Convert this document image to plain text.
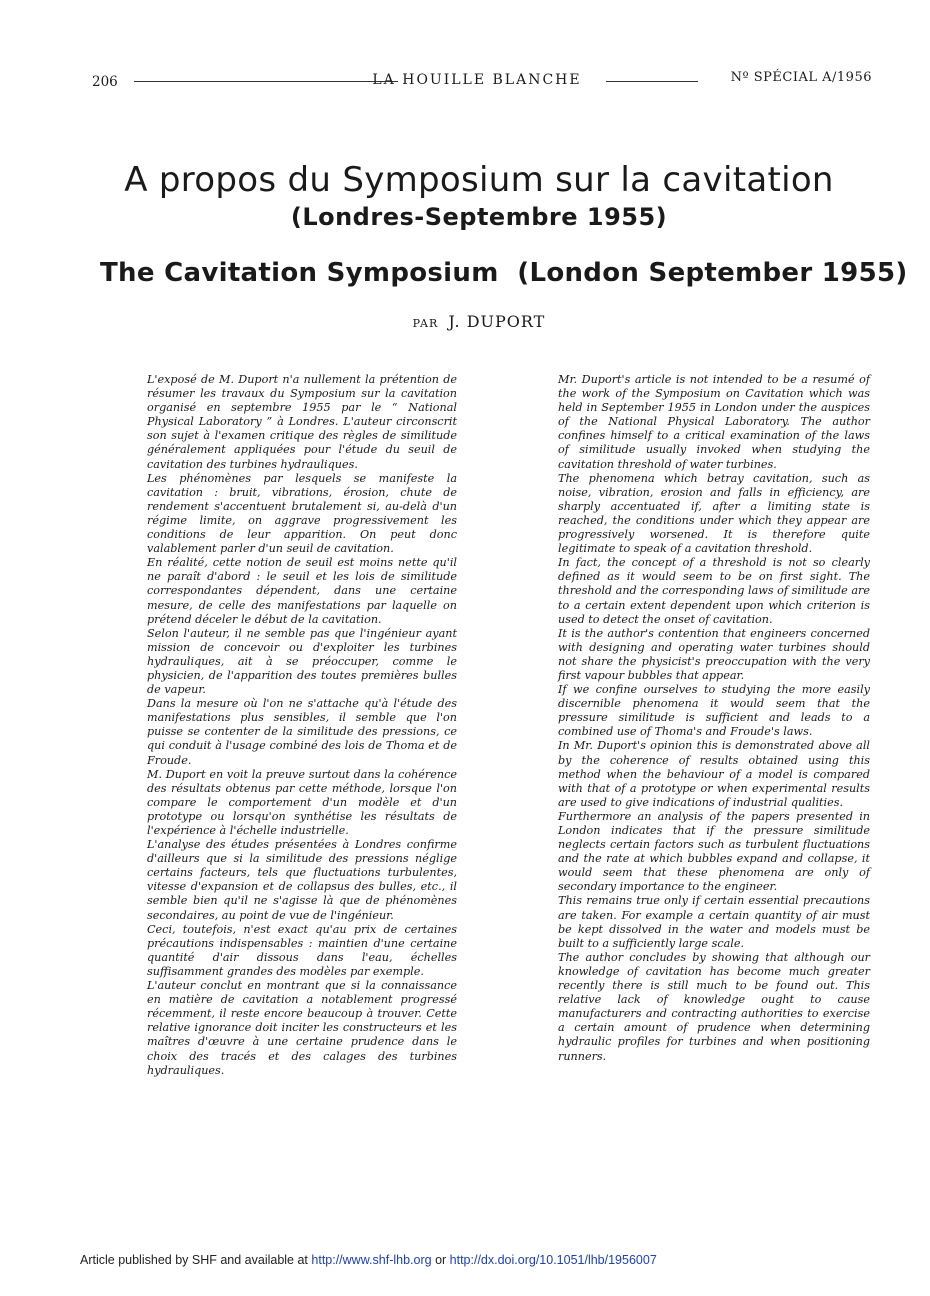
206	LA HOUILLE BLANCHE	Nº SPÉCIAL A/1956
A propos du Symposium sur la cavitation
(Londres-Septembre 1955)
The Cavitation Symposium  (London September 1955)

PAR J. DUPORT

L'exposé de M. Duport n'a nullement la prétention de résumer les travaux du Symposium sur la cavitation organisé en septembre 1955 par le “ National Physical Laboratory ” à Londres. L'auteur circonscrit son sujet à l'examen critique des règles de similitude généralement appliquées pour l'étude du seuil de cavitation des turbines hydrauliques.

Les phénomènes par lesquels se manifeste la cavitation : bruit, vibrations, érosion, chute de rendement s'accentuent brutalement si, au-delà d'un régime limite, on aggrave progressivement les conditions de leur apparition. On peut donc valablement parler d'un seuil de cavitation.

En réalité, cette notion de seuil est moins nette qu'il ne paraît d'abord : le seuil et les lois de similitude correspondantes dépendent, dans une certaine mesure, de celle des manifestations par laquelle on prétend déceler le début de la cavitation.

Selon l'auteur, il ne semble pas que l'ingénieur ayant mission de concevoir ou d'exploiter les turbines hydrauliques, ait à se préoccuper, comme le physicien, de l'apparition des toutes premières bulles de vapeur.

Dans la mesure où l'on ne s'attache qu'à l'étude des manifestations plus sensibles, il semble que l'on puisse se contenter de la similitude des pressions, ce qui conduit à l'usage combiné des lois de Thoma et de Froude.

M. Duport en voit la preuve surtout dans la cohérence des résultats obtenus par cette méthode, lorsque l'on compare le comportement d'un modèle et d'un prototype ou lorsqu'on synthétise les résultats de l'expérience à l'échelle industrielle.

L'analyse des études présentées à Londres confirme d'ailleurs que si la similitude des pressions néglige certains facteurs, tels que fluctuations turbulentes, vitesse d'expansion et de collapsus des bulles, etc., il semble bien qu'il ne s'agisse là que de phénomènes secondaires, au point de vue de l'ingénieur.

Ceci, toutefois, n'est exact qu'au prix de certaines précautions indispensables : maintien d'une certaine quantité d'air dissous dans l'eau, échelles suffisamment grandes des modèles par exemple.

L'auteur conclut en montrant que si la connaissance en matière de cavitation a notablement progressé récemment, il reste encore beaucoup à trouver. Cette relative ignorance doit inciter les constructeurs et les maîtres d'œuvre à une certaine prudence dans le choix des tracés et des calages des turbines hydrauliques.

Mr. Duport's article is not intended to be a resumé of the work of the Symposium on Cavitation which was held in September 1955 in London under the auspices of the National Physical Laboratory. The author confines himself to a critical examination of the laws of similitude usually invoked when studying the cavitation threshold of water turbines.

The phenomena which betray cavitation, such as noise, vibration, erosion and falls in efficiency, are sharply accentuated if, after a limiting state is reached, the conditions under which they appear are progressively worsened. It is therefore quite legitimate to speak of a cavitation threshold.

In fact, the concept of a threshold is not so clearly defined as it would seem to be on first sight. The threshold and the corresponding laws of similitude are to a certain extent dependent upon which criterion is used to detect the onset of cavitation.

It is the author's contention that engineers concerned with designing and operating water turbines should not share the physicist's preoccupation with the very first vapour bubbles that appear.

If we confine ourselves to studying the more easily discernible phenomena it would seem that the pressure similitude is sufficient and leads to a combined use of Thoma's and Froude's laws.

In Mr. Duport's opinion this is demonstrated above all by the coherence of results obtained using this method when the behaviour of a model is compared with that of a prototype or when experimental results are used to give indications of industrial qualities.

Furthermore an analysis of the papers presented in London indicates that if the pressure similitude neglects certain factors such as turbulent fluctuations and the rate at which bubbles expand and collapse, it would seem that these phenomena are only of secondary importance to the engineer.

This remains true only if certain essential precautions are taken. For example a certain quantity of air must be kept dissolved in the water and models must be built to a sufficiently large scale.

The author concludes by showing that although our knowledge of cavitation has become much greater recently there is still much to be found out. This relative lack of knowledge ought to cause manufacturers and contracting authorities to exercise a certain amount of prudence when determining hydraulic profiles for turbines and when positioning runners.

Article published by SHF and available at http://www.shf-lhb.org or http://dx.doi.org/10.1051/lhb/1956007
